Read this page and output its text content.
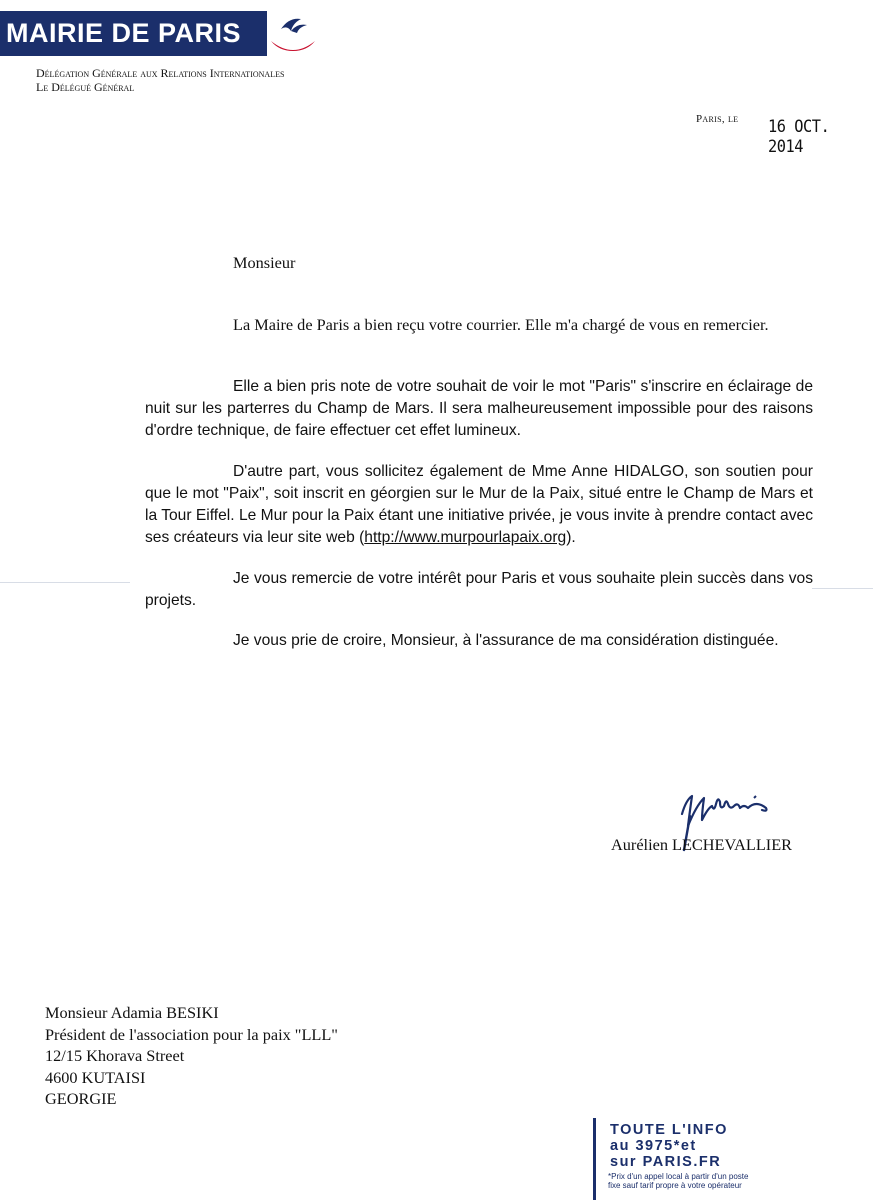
MAIRIE DE PARIS
Délégation Générale aux Relations Internationales
Le Délégué Général
Paris, le 16 OCT. 2014
Monsieur
La Maire de Paris a bien reçu votre courrier. Elle m'a chargé de vous en remercier.
Elle a bien pris note de votre souhait de voir le mot "Paris" s'inscrire en éclairage de nuit sur les parterres du Champ de Mars. Il sera malheureusement impossible pour des raisons d'ordre technique, de faire effectuer cet effet lumineux.
D'autre part, vous sollicitez également de Mme Anne HIDALGO, son soutien pour que le mot "Paix", soit inscrit en géorgien sur le Mur de la Paix, situé entre le Champ de Mars et la Tour Eiffel. Le Mur pour la Paix étant une initiative privée, je vous invite à prendre contact avec ses créateurs via leur site web (http://www.murpourlapaix.org).
Je vous remercie de votre intérêt pour Paris et vous souhaite plein succès dans vos projets.
Je vous prie de croire, Monsieur, à l'assurance de ma considération distinguée.
Aurélien LECHEVALLIER
Monsieur Adamia BESIKI
Président de l'association pour la paix "LLL"
12/15 Khorava Street
4600 KUTAISI
GEORGIE
TOUTE L'INFO
au 3975*et
sur PARIS.FR
*Prix d'un appel local à partir d'un poste
fixe sauf tarif propre à votre opérateur
